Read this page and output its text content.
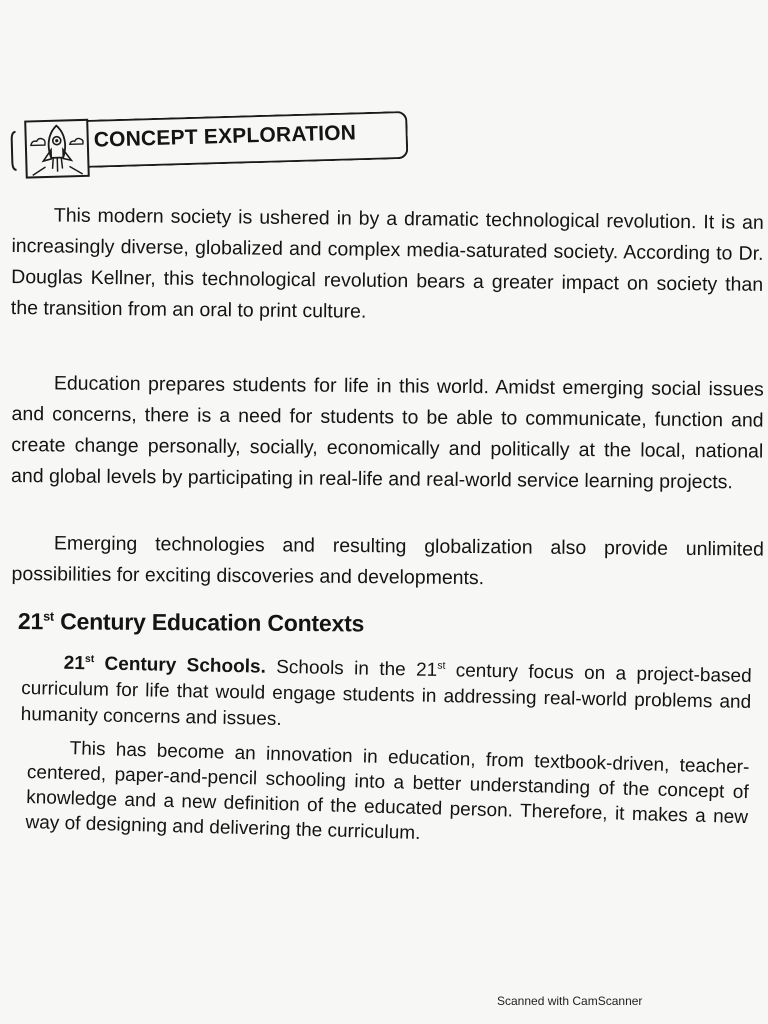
CONCEPT EXPLORATION

This modern society is ushered in by a dramatic technological revolution. It is an increasingly diverse, globalized and complex media-saturated society. According to Dr. Douglas Kellner, this technological revolution bears a greater impact on society than the transition from an oral to print culture.

Education prepares students for life in this world. Amidst emerging social issues and concerns, there is a need for students to be able to communicate, function and create change personally, socially, economically and politically at the local, national and global levels by participating in real-life and real-world service learning projects.

Emerging technologies and resulting globalization also provide unlimited possibilities for exciting discoveries and developments.

21st Century Education Contexts

21st Century Schools. Schools in the 21st century focus on a project-based curriculum for life that would engage students in addressing real-world problems and humanity concerns and issues.

This has become an innovation in education, from textbook-driven, teacher-centered, paper-and-pencil schooling into a better understanding of the concept of knowledge and a new definition of the educated person. Therefore, it makes a new way of designing and delivering the curriculum.

Scanned with CamScanner
